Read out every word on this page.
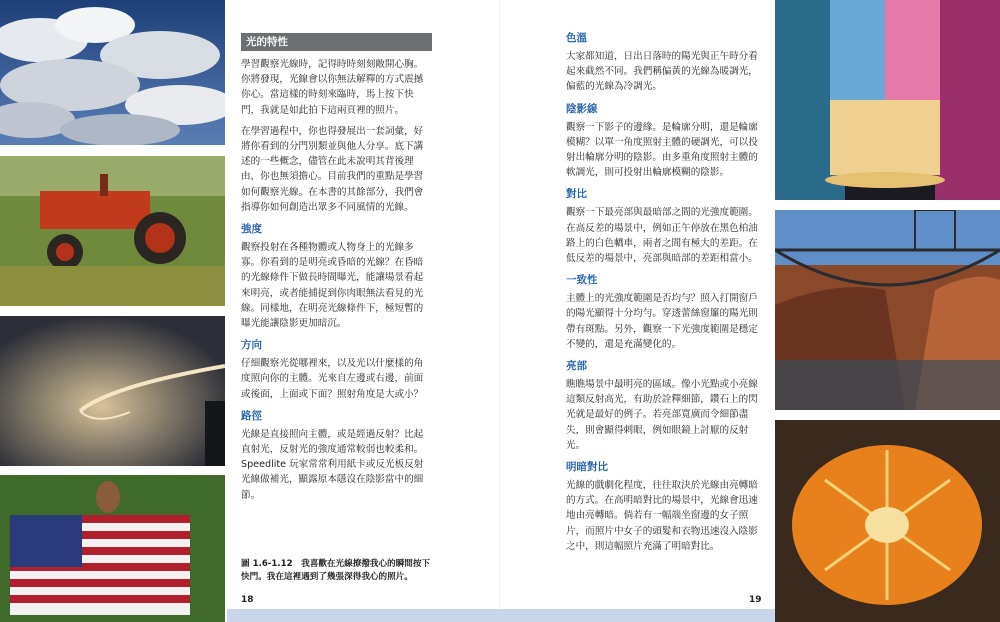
光的特性

學習觀察光線時，記得時時刻刻敞開心胸。你將發現，光線會以你無法解釋的方式震撼你心。當這樣的時刻來臨時，馬上按下快門，我就是如此拍下這兩頁裡的照片。

在學習過程中，你也得發展出一套詞彙，好將你看到的分門別類並與他人分享。底下講述的一些概念，儘管在此未說明其背後理由，你也無須擔心。目前我們的重點是學習如何觀察光線。在本書的其餘部分，我們會指導你如何創造出眾多不同風情的光線。

強度

觀察投射在各種物體或人物身上的光線多寡。你看到的是明亮或昏暗的光線？在昏暗的光線條件下做長時間曝光，能讓場景看起來明亮，或者能捕捉到你肉眼無法看見的光線。同樣地，在明亮光線條件下，極短暫的曝光能讓陰影更加暗沉。

方向

仔細觀察光從哪裡來，以及光以什麼樣的角度照向你的主體。光來自左邊或右邊，前面或後面，上面或下面？照射角度是大或小？

路徑

光線是直接照向主體，或是經過反射？比起直射光，反射光的強度通常較弱也較柔和。Speedlite 玩家常常利用紙卡或反光板反射光線做補光，顯露原本隱沒在陰影當中的細節。

圖 1.6-1.12　我喜歡在光線撩撥我心的瞬間按下快門。我在這裡遇到了幾張深得我心的照片。
18
色溫

大家都知道，日出日落時的陽光與正午時分看起來截然不同。我們稱偏黃的光線為暖調光，偏藍的光線為冷調光。

陰影線

觀察一下影子的邊緣。是輪廓分明，還是輪廓模糊？以單一角度照射主體的硬調光，可以投射出輪廓分明的陰影。由多重角度照射主體的軟調光，則可投射出輪廓模糊的陰影。

對比

觀察一下最亮部與最暗部之間的光強度範圍。在高反差的場景中，例如正午停放在黑色柏油路上的白色轎車，兩者之間有極大的差距。在低反差的場景中，亮部與暗部的差距相當小。

一致性

主體上的光強度範圍是否均勻？照入打開窗戶的陽光顯得十分均勻。穿透蕾絲窗簾的陽光則帶有斑點。另外，觀察一下光強度範圍是穩定不變的，還是充滿變化的。

亮部

瞧瞧場景中最明亮的區域。像小光點或小亮線這類反射高光，有助於詮釋細節，鑽石上的閃光就是最好的例子。若亮部寬廣而令細節盡失，則會顯得刺眼，例如眼鏡上討厭的反射光。

明暗對比

光線的戲劇化程度，往往取決於光線由亮轉暗的方式。在高明暗對比的場景中，光線會迅速地由亮轉暗。倘若有一幅端坐窗邊的女子照片，而照片中女子的頭髮和衣物迅速沒入陰影之中，則這幅照片充滿了明暗對比。

19
